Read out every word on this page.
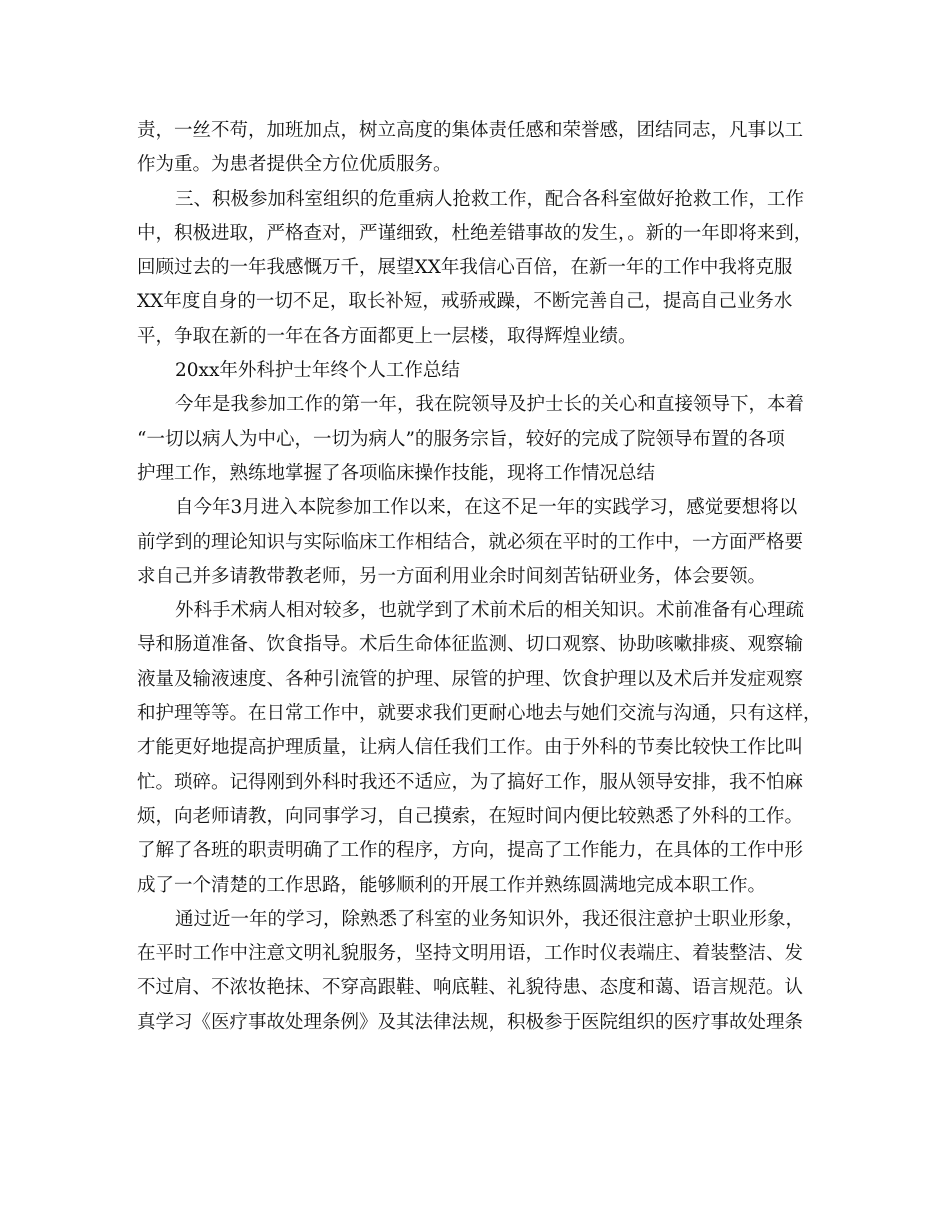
责，一丝不苟，加班加点，树立高度的集体责任感和荣誉感，团结同志，凡事以工
作为重。为患者提供全方位优质服务。
三、积极参加科室组织的危重病人抢救工作，配合各科室做好抢救工作，工作
中，积极进取，严格查对，严谨细致，杜绝差错事故的发生，。新的一年即将来到，
回顾过去的一年我感慨万千，展望XX年我信心百倍，在新一年的工作中我将克服
XX年度自身的一切不足，取长补短，戒骄戒躁，不断完善自己，提高自己业务水
平，争取在新的一年在各方面都更上一层楼，取得辉煌业绩。
20xx年外科护士年终个人工作总结
今年是我参加工作的第一年，我在院领导及护士长的关心和直接领导下，本着
“一切以病人为中心，一切为病人”的服务宗旨，较好的完成了院领导布置的各项
护理工作，熟练地掌握了各项临床操作技能，现将工作情况总结
自今年3月进入本院参加工作以来，在这不足一年的实践学习，感觉要想将以
前学到的理论知识与实际临床工作相结合，就必须在平时的工作中，一方面严格要
求自己并多请教带教老师，另一方面利用业余时间刻苦钻研业务，体会要领。
外科手术病人相对较多，也就学到了术前术后的相关知识。术前准备有心理疏
导和肠道准备、饮食指导。术后生命体征监测、切口观察、协助咳嗽排痰、观察输
液量及输液速度、各种引流管的护理、尿管的护理、饮食护理以及术后并发症观察
和护理等等。在日常工作中，就要求我们更耐心地去与她们交流与沟通，只有这样，
才能更好地提高护理质量，让病人信任我们工作。由于外科的节奏比较快工作比叫
忙。琐碎。记得刚到外科时我还不适应，为了搞好工作，服从领导安排，我不怕麻
烦，向老师请教，向同事学习，自己摸索，在短时间内便比较熟悉了外科的工作。
了解了各班的职责明确了工作的程序，方向，提高了工作能力，在具体的工作中形
成了一个清楚的工作思路，能够顺利的开展工作并熟练圆满地完成本职工作。
通过近一年的学习，除熟悉了科室的业务知识外，我还很注意护士职业形象，
在平时工作中注意文明礼貌服务，坚持文明用语，工作时仪表端庄、着装整洁、发
不过肩、不浓妆艳抹、不穿高跟鞋、响底鞋、礼貌待患、态度和蔼、语言规范。认
真学习《医疗事故处理条例》及其法律法规，积极参于医院组织的医疗事故处理条
